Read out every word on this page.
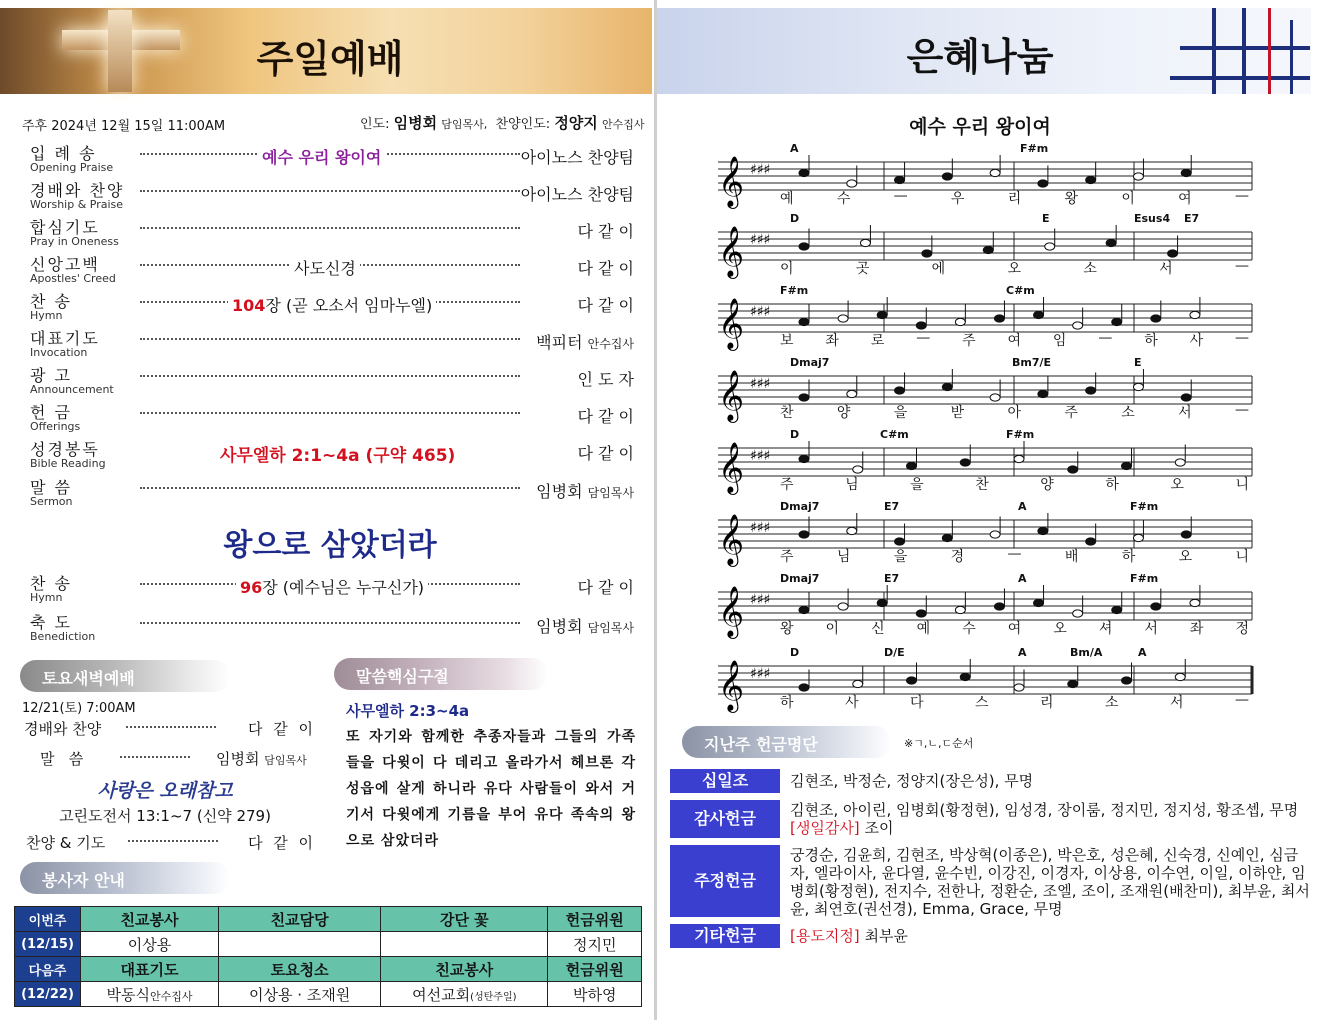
주일예배
주후 2024년 12월 15일 11:00AM	인도: 임병회 담임목사, 찬양인도: 정양지 안수집사
입 례 송
Opening Praise
예수 우리 왕이여	아이노스 찬양팀
경배와 찬양
Worship & Praise
아이노스 찬양팀
합심기도
Pray in Oneness
다 같 이
신앙고백
Apostles' Creed
사도신경	다 같 이
찬 송
Hymn
104장 (곧 오소서 임마누엘)	다 같 이
대표기도
Invocation
백피터 안수집사
광 고
Announcement
인 도 자
헌 금
Offerings
다 같 이
성경봉독
Bible Reading	사무엘하 2:1~4a (구약 465)	다 같 이
말 씀
Sermon
임병회 담임목사
왕으로 삼았더라
찬 송
Hymn
96장 (예수님은 누구신가)	다 같 이
축 도
Benediction
임병회 담임목사
토요새벽예배
12/21(토) 7:00AM
경배와 찬양	다 같 이
말   씀	임병회 담임목사
사랑은 오래참고
고린도전서 13:1~7 (신약 279)
찬양 & 기도	다 같 이
말씀핵심구절
사무엘하 2:3~4a
또 자기와 함께한 추종자들과 그들의 가족들을 다윗이 다 데리고 올라가서 헤브론 각 성읍에 살게 하니라 유다 사람들이 와서 거기서 다윗에게 기름을 부어 유다 족속의 왕으로 삼았더라
봉사자 안내
이번주	친교봉사	친교담당	강단 꽃	헌금위원
(12/15)	이상용			정지민
다음주	대표기도	토요청소	친교봉사	헌금위원
(12/22)	박동식안수집사	이상용 · 조재원	여선교회(성탄주일)	박하영
은혜나눔
예수 우리 왕이여
𝄞 ♯♯♯
A	F#m
예	수	—	우	리	왕	이	여	—
𝄞 ♯♯♯
D	E	Esus4 E7
이	곳	에	오	소	서	—
𝄞 ♯♯♯
F#m	C#m
보 좌 로 — 주 여 임 — 하 사 —
𝄞 ♯♯♯
Dmaj7	Bm7/E	E
찬	양	을	받	아	주	소	서	—
𝄞 ♯♯♯
D	C#m	F#m
주	님	을	찬	양	하	오	니
𝄞 ♯♯♯
Dmaj7	E7	A	F#m
주	님	을	경	—	배	하	오	니
𝄞 ♯♯♯
Dmaj7	E7	A	F#m
왕 이 신 예 수 여 오 셔 서 좌 정
𝄞 ♯♯♯
D	D/E	A	Bm/A	A
하	사	다	스	리	소	서	—
지난주 헌금명단	※ㄱ,ㄴ,ㄷ순서
십일조	김현조, 박정순, 정양지(장은성), 무명
감사헌금	김현조, 아이린, 임병회(황정현), 임성경, 장이룸, 정지민, 정지성, 황조셉, 무명
[생일감사] 조이
주정헌금
궁경순, 김윤희, 김현조, 박상혁(이종은), 박은호, 성은혜, 신숙경, 신예인, 심금자, 엘라이사, 윤다열, 윤수빈, 이강진, 이경자, 이상용, 이수연, 이일, 이하얀, 임병회(황정현), 전지수, 전한나, 정환순, 조엘, 조이, 조재원(배찬미), 최부윤, 최서윤, 최연호(권선경), Emma, Grace, 무명
기타헌금	[용도지정] 최부윤
